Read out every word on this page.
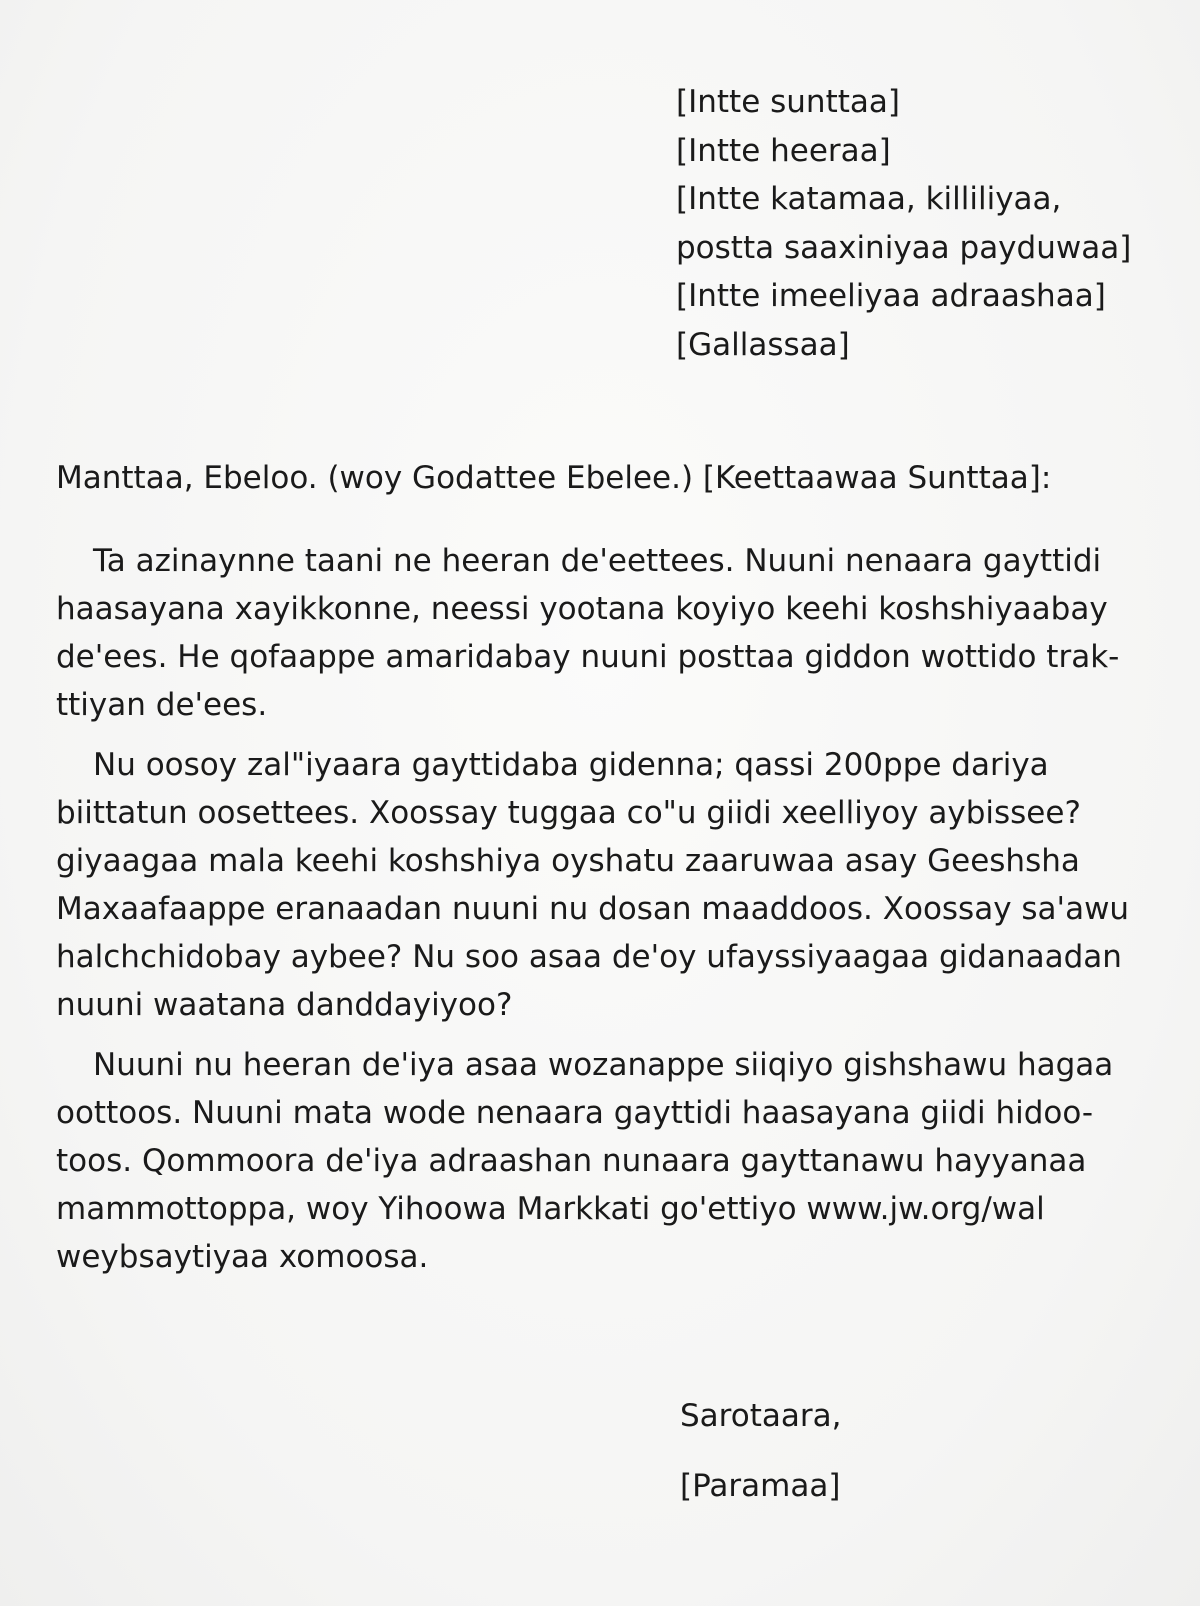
[Intte sunttaa]
[Intte heeraa]
[Intte katamaa, killiliyaa,
postta saaxiniyaa payduwaa]
[Intte imeeliyaa adraashaa]
[Gallassaa]
Manttaa, Ebeloo. (woy Godattee Ebelee.) [Keettaawaa Sunttaa]:

Ta azinaynne taani ne heeran de'eettees. Nuuni nenaara gayttidi
haasayana xayikkonne, neessi yootana koyiyo keehi koshshiyaabay
de'ees. He qofaappe amaridabay nuuni posttaa giddon wottido trak-
ttiyan de'ees.

Nu oosoy zal"iyaara gayttidaba gidenna; qassi 200ppe dariya
biittatun oosettees. Xoossay tuggaa co"u giidi xeelliyoy aybissee?
giyaagaa mala keehi koshshiya oyshatu zaaruwaa asay Geeshsha
Maxaafaappe eranaadan nuuni nu dosan maaddoos. Xoossay sa'awu
halchchidobay aybee? Nu soo asaa de'oy ufayssiyaagaa gidanaadan
nuuni waatana danddayiyoo?

Nuuni nu heeran de'iya asaa wozanappe siiqiyo gishshawu hagaa
oottoos. Nuuni mata wode nenaara gayttidi haasayana giidi hidoo-
toos. Qommoora de'iya adraashan nunaara gayttanawu hayyanaa
mammottoppa, woy Yihoowa Markkati go'ettiyo www.jw.org/wal
weybsaytiyaa xomoosa.

Sarotaara,
[Paramaa]
